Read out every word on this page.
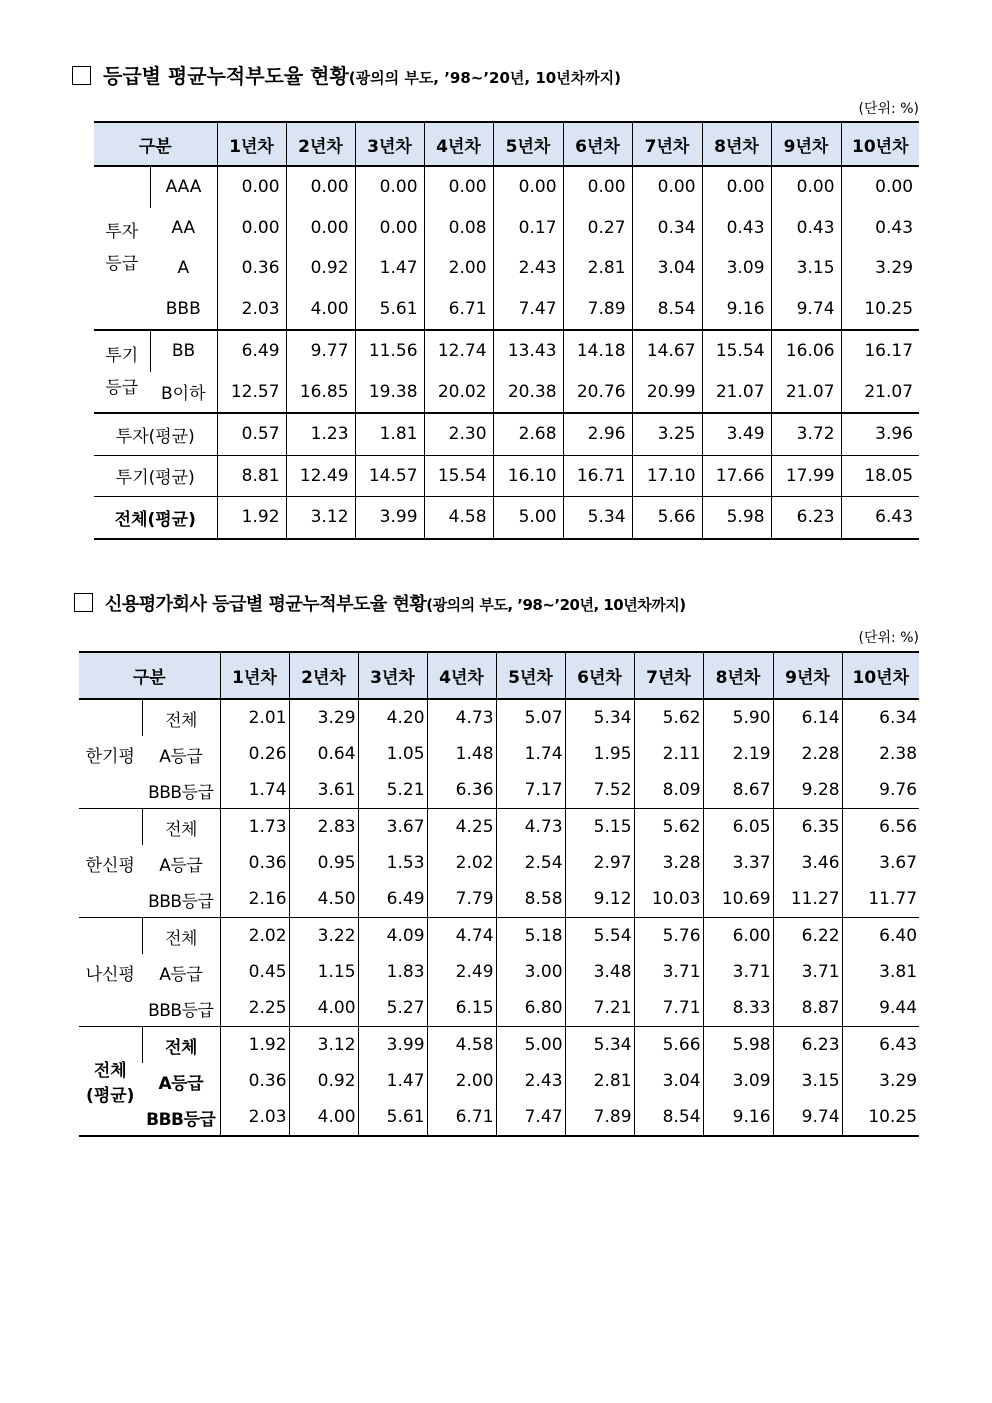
등급별 평균누적부도율 현황(광의의 부도, ’98~’20년, 10년차까지)
(단위: %)
구분		1년차	2년차	3년차	4년차	5년차	6년차	7년차	8년차	9년차	10년차
투자
등급	AAA	0.00	0.00	0.00	0.00	0.00	0.00	0.00	0.00	0.00	0.00
	AA	0.00	0.00	0.00	0.08	0.17	0.27	0.34	0.43	0.43	0.43
	A	0.36	0.92	1.47	2.00	2.43	2.81	3.04	3.09	3.15	3.29
	BBB	2.03	4.00	5.61	6.71	7.47	7.89	8.54	9.16	9.74	10.25
투기
등급	BB	6.49	9.77	11.56	12.74	13.43	14.18	14.67	15.54	16.06	16.17
	B이하	12.57	16.85	19.38	20.02	20.38	20.76	20.99	21.07	21.07	21.07
투자(평균)		0.57	1.23	1.81	2.30	2.68	2.96	3.25	3.49	3.72	3.96
투기(평균)		8.81	12.49	14.57	15.54	16.10	16.71	17.10	17.66	17.99	18.05
전체(평균)		1.92	3.12	3.99	4.58	5.00	5.34	5.66	5.98	6.23	6.43
신용평가회사 등급별 평균누적부도율 현황(광의의 부도, ’98~’20년, 10년차까지)
(단위: %)
구분		1년차	2년차	3년차	4년차	5년차	6년차	7년차	8년차	9년차	10년차
한기평	전체	2.01	3.29	4.20	4.73	5.07	5.34	5.62	5.90	6.14	6.34
	A등급	0.26	0.64	1.05	1.48	1.74	1.95	2.11	2.19	2.28	2.38
	BBB등급	1.74	3.61	5.21	6.36	7.17	7.52	8.09	8.67	9.28	9.76
한신평	전체	1.73	2.83	3.67	4.25	4.73	5.15	5.62	6.05	6.35	6.56
	A등급	0.36	0.95	1.53	2.02	2.54	2.97	3.28	3.37	3.46	3.67
	BBB등급	2.16	4.50	6.49	7.79	8.58	9.12	10.03	10.69	11.27	11.77
나신평	전체	2.02	3.22	4.09	4.74	5.18	5.54	5.76	6.00	6.22	6.40
	A등급	0.45	1.15	1.83	2.49	3.00	3.48	3.71	3.71	3.71	3.81
	BBB등급	2.25	4.00	5.27	6.15	6.80	7.21	7.71	8.33	8.87	9.44
전체
(평균)	전체	1.92	3.12	3.99	4.58	5.00	5.34	5.66	5.98	6.23	6.43
	A등급	0.36	0.92	1.47	2.00	2.43	2.81	3.04	3.09	3.15	3.29
	BBB등급	2.03	4.00	5.61	6.71	7.47	7.89	8.54	9.16	9.74	10.25
